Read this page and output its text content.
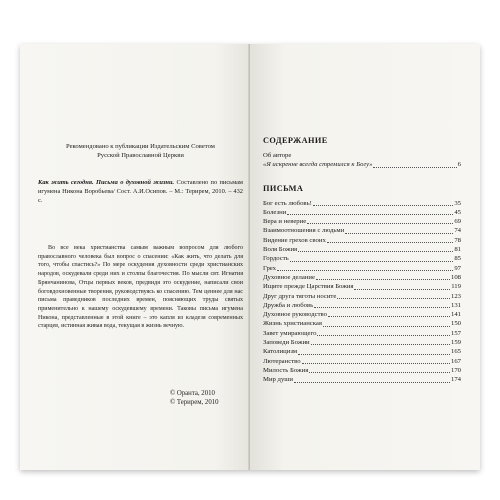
Рекомендовано к публикации Издательским Советом
Русской Православной Церкви
Как жить сегодня. Письма о духовной жизни. Составлено по письмам игумена Никона Воробьева/ Сост. А.И.Осипов. – М.: Терирем, 2010. – 432 с.
Во все века христианства самым важным вопросом для любого православного человека был вопрос о спасении: «Как жить, что делать для того, чтобы спастись?» По мере оскудения духовности среди христианских народов, оскудевали среди них и столпы благочестия. По мысли свт. Игнатия Брянчанинова, Отцы первых веков, предвидя это оскудение, написали свои боговдохновенные творения, руководствуясь ко спасению. Тем ценнее для нас письма праведников последних времен, поясняющих труды святых применительно к нашему оскудевшему времени. Таковы письма игумена Никона, представленные в этой книге – это капля из кладезя современных старцев, истинная живая вода, текущая в жизнь вечную.
© Оранта, 2010
© Терирем, 2010
СОДЕРЖАНИЕ
Об авторе
«Я искренне всегда стремился к Богу»	6
ПИСЬМА
Бог есть любовь!	35
Болезни	45
Вера и неверие	69
Взаимоотношения с людьми	74
Видение грехов своих	78
Воля Божия	81
Гордость	85
Грех	97
Духовное делание	108
Ищите прежде Царствия Божия	119
Друг друга тяготы носите	123
Дружба и любовь	131
Духовное руководство	141
Жизнь христианская	150
Завет умирающего	157
Заповеди Божии	159
Католицизм	165
Лютеранство	167
Милость Божия	170
Мир души	174
